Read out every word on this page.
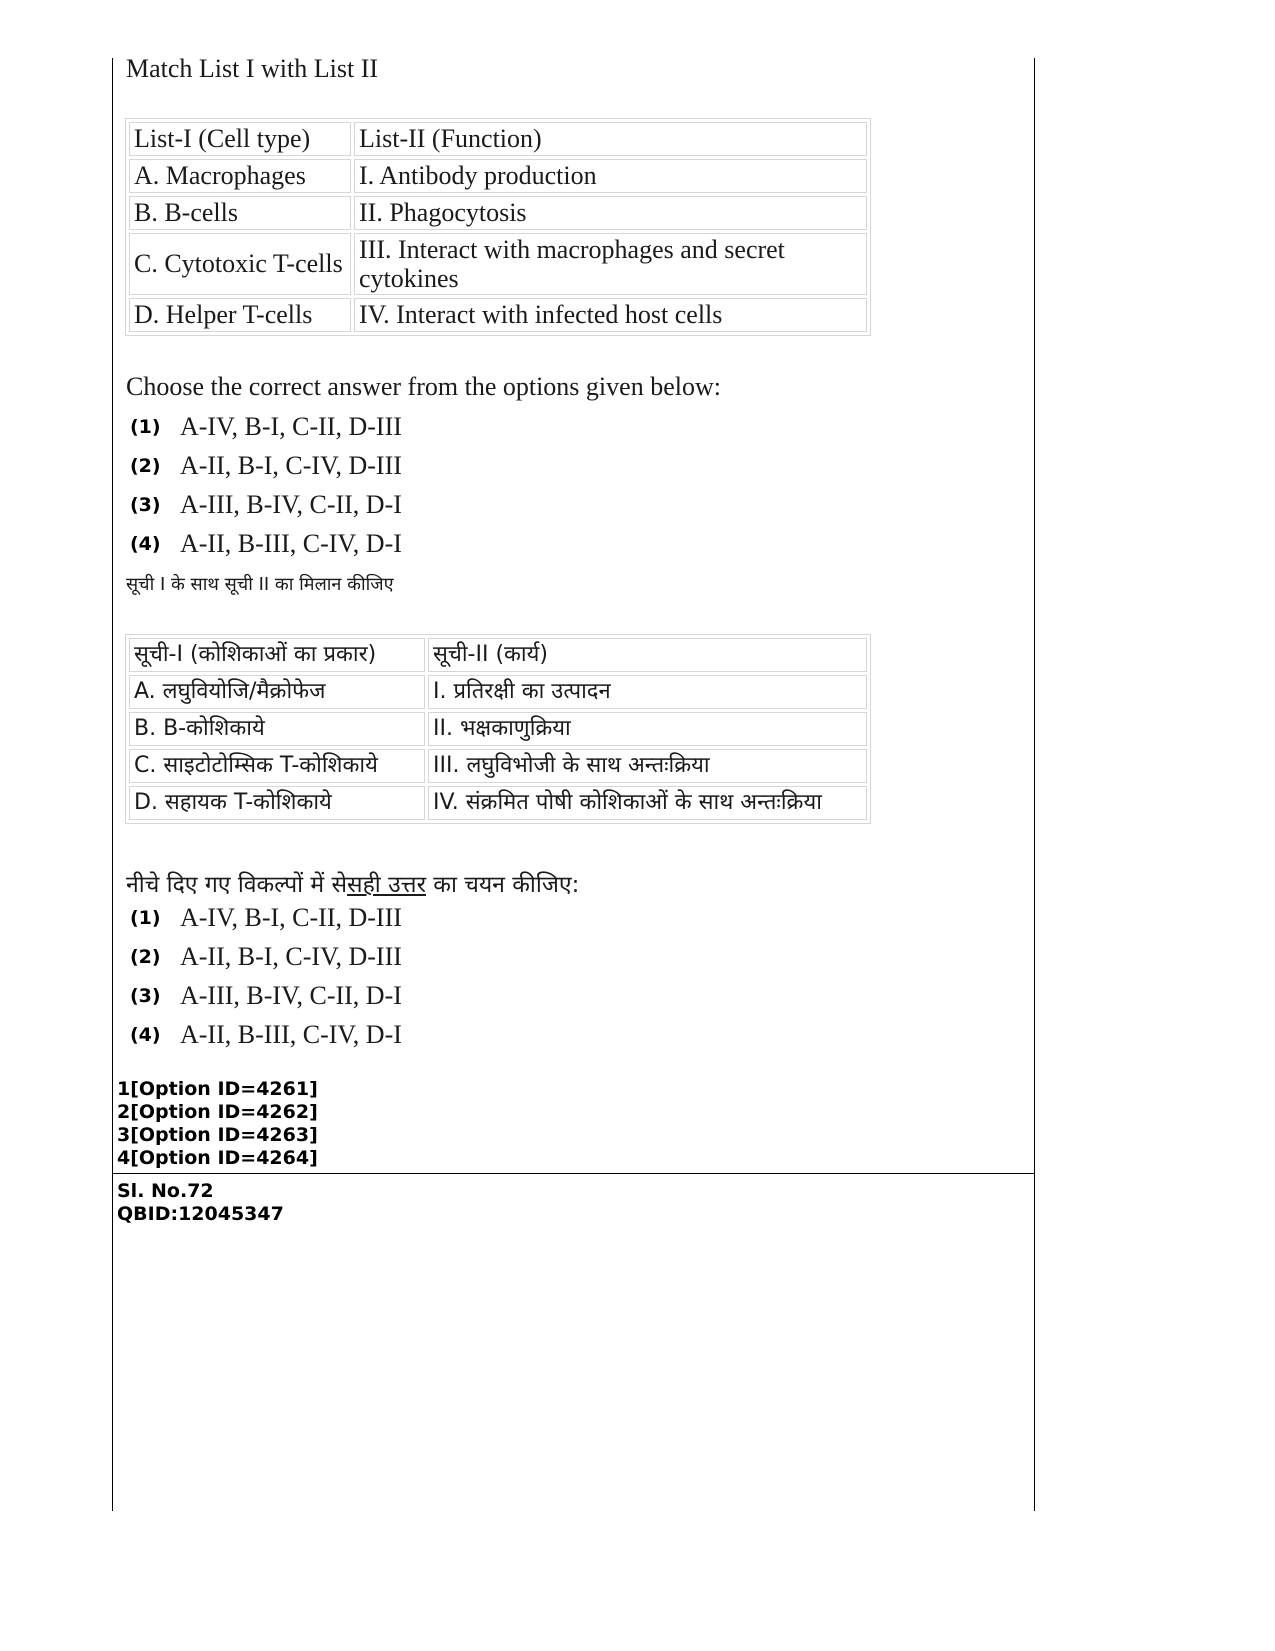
Match List I with List II
List-I (Cell type)	List-II (Function)
A. Macrophages	I. Antibody production
B. B-cells	II. Phagocytosis
C. Cytotoxic T-cells	III. Interact with macrophages and secret cytokines
D. Helper T-cells	IV. Interact with infected host cells
Choose the correct answer from the options given below:
(1) A-IV, B-I, C-II, D-III
(2) A-II, B-I, C-IV, D-III
(3) A-III, B-IV, C-II, D-I
(4) A-II, B-III, C-IV, D-I
सूची I के साथ सूची II का मिलान कीजिए
सूची-I (कोशिकाओं का प्रकार)	सूची-II (कार्य)
A. लघुवियोजि/मैक्रोफेज	I. प्रतिरक्षी का उत्पादन
B. B-कोशिकाये	II. भक्षकाणुक्रिया
C. साइटोटोम्सिक T-कोशिकाये	III. लघुविभोजी के साथ अन्तःक्रिया
D. सहायक T-कोशिकाये	IV. संक्रमित पोषी कोशिकाओं के साथ अन्तःक्रिया
नीचे दिए गए विकल्पों में सेसही उत्तर का चयन कीजिए:
(1) A-IV, B-I, C-II, D-III
(2) A-II, B-I, C-IV, D-III
(3) A-III, B-IV, C-II, D-I
(4) A-II, B-III, C-IV, D-I
1[Option ID=4261]
2[Option ID=4262]
3[Option ID=4263]
4[Option ID=4264]
Sl. No.72
QBID:12045347
